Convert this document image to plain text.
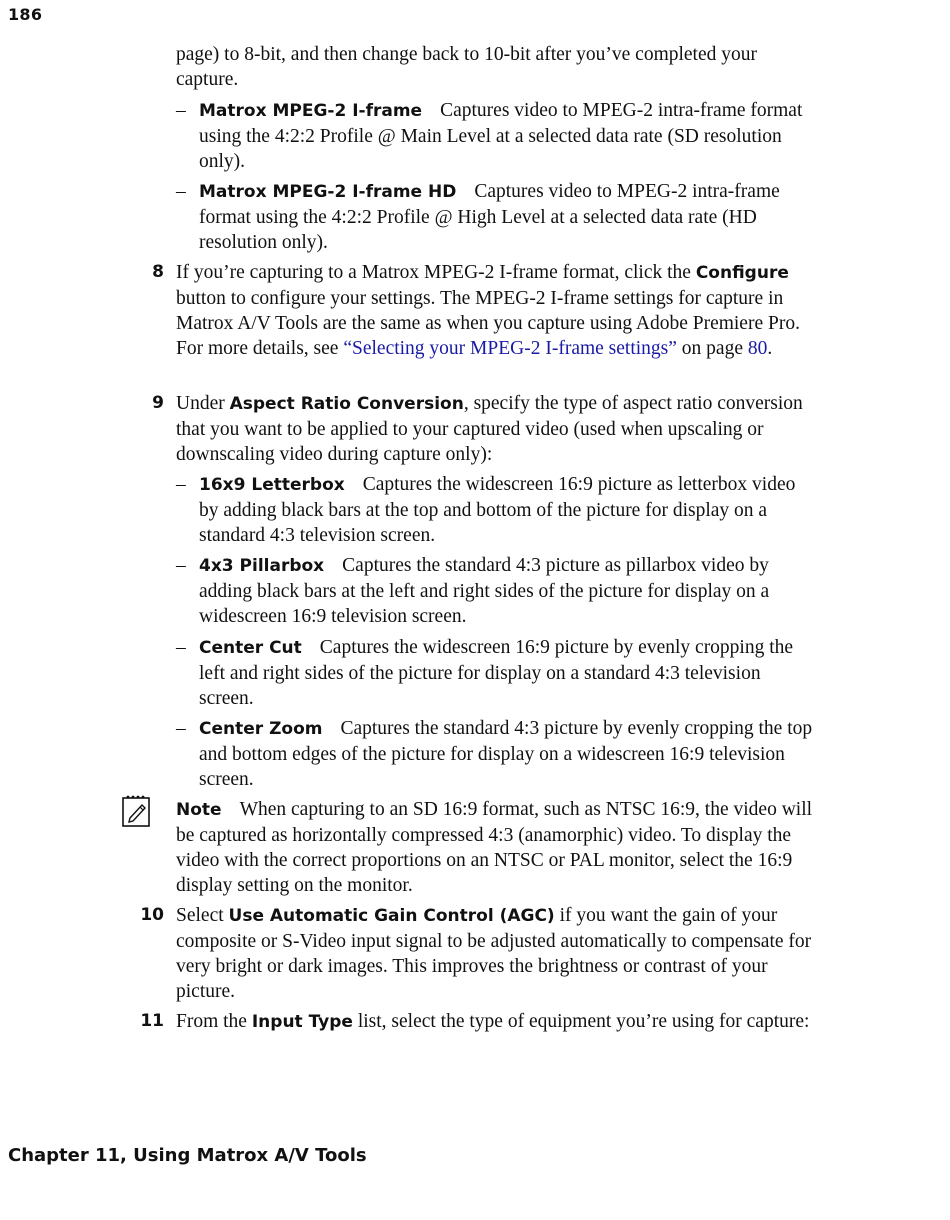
186
page) to 8-bit, and then change back to 10-bit after you’ve completed your capture.
– Matrox MPEG-2 I-frame Captures video to MPEG-2 intra-frame format using the 4:2:2 Profile @ Main Level at a selected data rate (SD resolution only).
– Matrox MPEG-2 I-frame HD Captures video to MPEG-2 intra-frame format using the 4:2:2 Profile @ High Level at a selected data rate (HD resolution only).
8 If you’re capturing to a Matrox MPEG-2 I-frame format, click the Configure button to configure your settings. The MPEG-2 I-frame settings for capture in Matrox A/V Tools are the same as when you capture using Adobe Premiere Pro. For more details, see “Selecting your MPEG-2 I-frame settings” on page 80.
9 Under Aspect Ratio Conversion, specify the type of aspect ratio conversion that you want to be applied to your captured video (used when upscaling or downscaling video during capture only):
– 16x9 Letterbox Captures the widescreen 16:9 picture as letterbox video by adding black bars at the top and bottom of the picture for display on a standard 4:3 television screen.
– 4x3 Pillarbox Captures the standard 4:3 picture as pillarbox video by adding black bars at the left and right sides of the picture for display on a widescreen 16:9 television screen.
– Center Cut Captures the widescreen 16:9 picture by evenly cropping the left and right sides of the picture for display on a standard 4:3 television screen.
– Center Zoom Captures the standard 4:3 picture by evenly cropping the top and bottom edges of the picture for display on a widescreen 16:9 television screen.
Note When capturing to an SD 16:9 format, such as NTSC 16:9, the video will be captured as horizontally compressed 4:3 (anamorphic) video. To display the video with the correct proportions on an NTSC or PAL monitor, select the 16:9 display setting on the monitor.
10 Select Use Automatic Gain Control (AGC) if you want the gain of your composite or S-Video input signal to be adjusted automatically to compensate for very bright or dark images. This improves the brightness or contrast of your picture.
11 From the Input Type list, select the type of equipment you’re using for capture:
Chapter 11, Using Matrox A/V Tools
